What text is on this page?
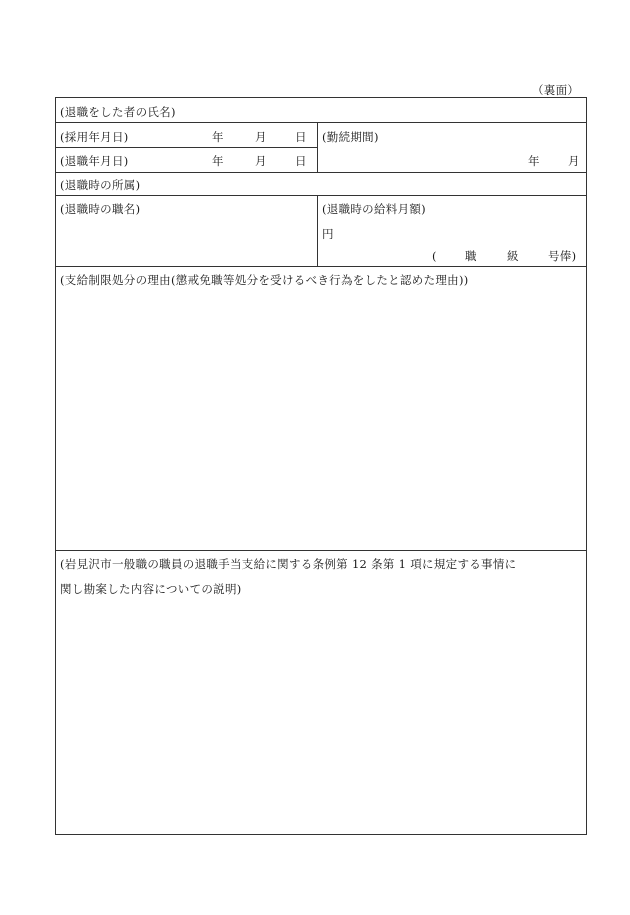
（裏面）
(退職をした者の氏名)
(採用年月日)	年	月 日 (勤続期間)
(退職年月日)	年	月 日	年 月
(退職時の所属)
(退職時の職名)	(退職時の給料月額)
円
( 職	級	号俸)
(支給制限処分の理由(懲戒免職等処分を受けるべき行為をしたと認めた理由))
(岩見沢市一般職の職員の退職手当支給に関する条例第 12 条第 1 項に規定する事情に
関し勘案した内容についての説明)
